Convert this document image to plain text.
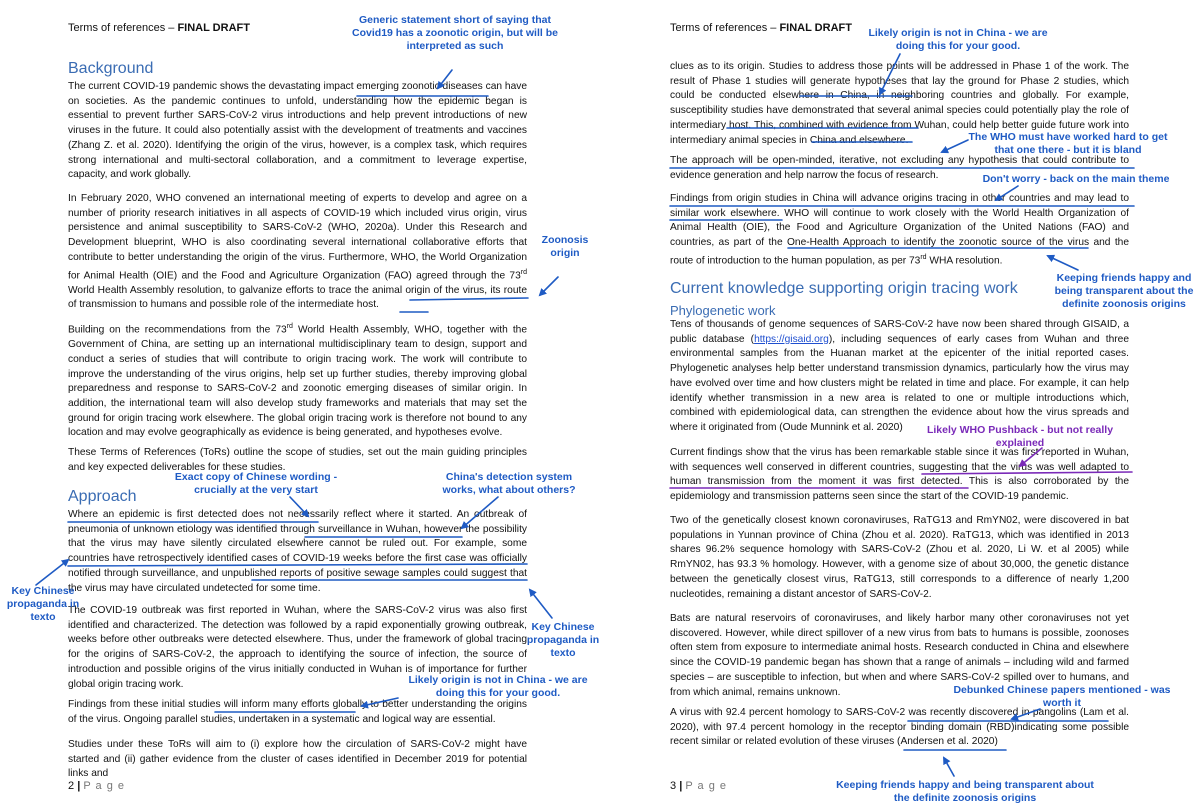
Terms of references – FINAL DRAFT
Background

The current COVID-19 pandemic shows the devastating impact emerging zoonotic diseases can have on societies. As the pandemic continues to unfold, understanding how the epidemic began is essential to prevent further SARS-CoV-2 virus introductions and help prevent introductions of new viruses in the future. It could also potentially assist with the development of treatments and vaccines (Zhang Z. et al. 2020). Identifying the origin of the virus, however, is a complex task, which requires strong international and multi-sectoral collaboration, and a commitment to leverage expertise, capacity, and work globally.

In February 2020, WHO convened an international meeting of experts to develop and agree on a number of priority research initiatives in all aspects of COVID-19 which included virus origin, virus persistence and animal susceptibility to SARS-CoV-2 (WHO, 2020a). Under this Research and Development blueprint, WHO is also coordinating several international collaborative efforts that contribute to better understanding the origin of the virus. Furthermore, WHO, the World Organization for Animal Health (OIE) and the Food and Agriculture Organization (FAO) agreed through the 73rd World Health Assembly resolution, to galvanize efforts to trace the animal origin of the virus, its route of transmission to humans and possible role of the intermediate host.

Building on the recommendations from the 73rd World Health Assembly, WHO, together with the Government of China, are setting up an international multidisciplinary team to design, support and conduct a series of studies that will contribute to origin tracing work. The work will contribute to improve the understanding of the virus origins, help set up further studies, thereby improving global preparedness and response to SARS-CoV-2 and zoonotic emerging diseases of similar origin. In addition, the international team will also develop study frameworks and materials that may set the ground for origin tracing work elsewhere. The global origin tracing work is therefore not bound to any location and may evolve geographically as evidence is being generated, and hypotheses evolve.

These Terms of References (ToRs) outline the scope of studies, set out the main guiding principles and key expected deliverables for these studies.

Approach

Where an epidemic is first detected does not necessarily reflect where it started. An outbreak of pneumonia of unknown etiology was identified through surveillance in Wuhan, however the possibility that the virus may have silently circulated elsewhere cannot be ruled out. For example, some countries have retrospectively identified cases of COVID-19 weeks before the first case was officially notified through surveillance, and unpublished reports of positive sewage samples could suggest that the virus may have circulated undetected for some time.

The COVID-19 outbreak was first reported in Wuhan, where the SARS-CoV-2 virus was also first identified and characterized. The detection was followed by a rapid exponentially growing outbreak, weeks before other outbreaks were detected elsewhere. Thus, under the framework of global tracing for the origins of SARS-CoV-2, the approach to identifying the source of infection, the source of introduction and possible origins of the virus initially conducted in Wuhan is of importance for further global origin tracing work.

Findings from these initial studies will inform many efforts globally to better understanding the origins of the virus. Ongoing parallel studies, undertaken in a systematic and logical way are essential.

Studies under these ToRs will aim to (i) explore how the circulation of SARS-CoV-2 might have started and (ii) gather evidence from the cluster of cases identified in December 2019 for potential links and

2 | P a g e
Terms of references – FINAL DRAFT

clues as to its origin. Studies to address those points will be addressed in Phase 1 of the work. The result of Phase 1 studies will generate hypotheses that lay the ground for Phase 2 studies, which could be conducted elsewhere in China, in neighboring countries and globally. For example, susceptibility studies have demonstrated that several animal species could potentially play the role of intermediary host. This, combined with evidence from Wuhan, could help better guide future work into intermediary animal species in China and elsewhere.

The approach will be open-minded, iterative, not excluding any hypothesis that could contribute to evidence generation and help narrow the focus of research.

Findings from origin studies in China will advance origins tracing in other countries and may lead to similar work elsewhere. WHO will continue to work closely with the World Health Organization of Animal Health (OIE), the Food and Agriculture Organization of the United Nations (FAO) and countries, as part of the One-Health Approach to identify the zoonotic source of the virus and the route of introduction to the human population, as per 73rd WHA resolution.

Current knowledge supporting origin tracing work
Phylogenetic work

Tens of thousands of genome sequences of SARS-CoV-2 have now been shared through GISAID, a public database (https://gisaid.org), including sequences of early cases from Wuhan and three environmental samples from the Huanan market at the epicenter of the initial reported cases. Phylogenetic analyses help better understand transmission dynamics, particularly how the virus may have evolved over time and how clusters might be related in time and place. For example, it can help identify whether transmission in a new area is related to one or multiple introductions which, combined with epidemiological data, can strengthen the evidence about how the virus spreads and where it originated from (Oude Munnink et al. 2020)

Current findings show that the virus has been remarkable stable since it was first reported in Wuhan, with sequences well conserved in different countries, suggesting that the virus was well adapted to human transmission from the moment it was first detected. This is also corroborated by the epidemiology and transmission patterns seen since the start of the COVID-19 pandemic.

Two of the genetically closest known coronaviruses, RaTG13 and RmYN02, were discovered in bat populations in Yunnan province of China (Zhou et al. 2020). RaTG13, which was identified in 2013 shares 96.2% sequence homology with SARS-CoV-2 (Zhou et al. 2020, Li W. et al 2005) while RmYN02, has 93.3 % homology. However, with a genome size of about 30,000, the genetic distance between the genetically closest virus, RaTG13, still corresponds to a difference of nearly 1,200 nucleotides, remaining a distant ancestor of SARS-CoV-2.

Bats are natural reservoirs of coronaviruses, and likely harbor many other coronaviruses not yet discovered. However, while direct spillover of a new virus from bats to humans is possible, zoonoses often stem from exposure to intermediate animal hosts. Research conducted in China and elsewhere since the COVID-19 pandemic began has shown that a range of animals – including wild and farmed species – are susceptible to infection, but when and where SARS-CoV-2 spilled over to humans, and from which animal, remains unknown.

A virus with 92.4 percent homology to SARS-CoV-2 was recently discovered in pangolins (Lam et al. 2020), with 97.4 percent homology in the receptor binding domain (RBD)indicating some possible recent similar or related evolution of these viruses (Andersen et al. 2020)

3 | P a g e
Generic statement short of saying that Covid19 has a zoonotic origin, but will be interpreted as such
Zoonosis origin
Exact copy of Chinese wording - crucially at the very start
China's detection system works, what about others?
Key Chinese propaganda in texto
Key Chinese propaganda in texto
Likely origin is not in China - we are doing this for your good.
Likely origin is not in China - we are doing this for your good.
The WHO must have worked hard to get that one there - but it is bland
Don't worry - back on the main theme
Keeping friends happy and being transparent about the definite zoonosis origins
Likely WHO Pushback - but not really explained
Debunked Chinese papers mentioned - was worth it
Keeping friends happy and being transparent about the definite zoonosis origins
